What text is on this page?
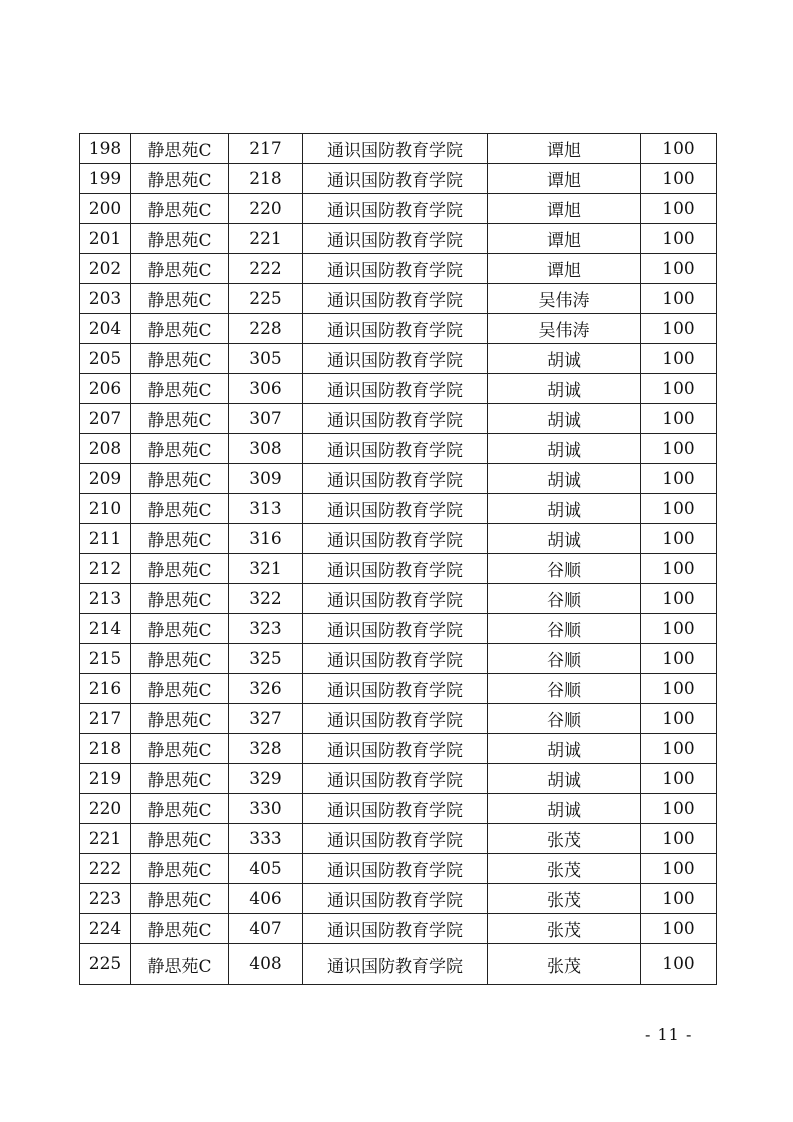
198	静思苑C	217	通识国防教育学院	谭旭	100
199	静思苑C	218	通识国防教育学院	谭旭	100
200	静思苑C	220	通识国防教育学院	谭旭	100
201	静思苑C	221	通识国防教育学院	谭旭	100
202	静思苑C	222	通识国防教育学院	谭旭	100
203	静思苑C	225	通识国防教育学院	吴伟涛	100
204	静思苑C	228	通识国防教育学院	吴伟涛	100
205	静思苑C	305	通识国防教育学院	胡诚	100
206	静思苑C	306	通识国防教育学院	胡诚	100
207	静思苑C	307	通识国防教育学院	胡诚	100
208	静思苑C	308	通识国防教育学院	胡诚	100
209	静思苑C	309	通识国防教育学院	胡诚	100
210	静思苑C	313	通识国防教育学院	胡诚	100
211	静思苑C	316	通识国防教育学院	胡诚	100
212	静思苑C	321	通识国防教育学院	谷顺	100
213	静思苑C	322	通识国防教育学院	谷顺	100
214	静思苑C	323	通识国防教育学院	谷顺	100
215	静思苑C	325	通识国防教育学院	谷顺	100
216	静思苑C	326	通识国防教育学院	谷顺	100
217	静思苑C	327	通识国防教育学院	谷顺	100
218	静思苑C	328	通识国防教育学院	胡诚	100
219	静思苑C	329	通识国防教育学院	胡诚	100
220	静思苑C	330	通识国防教育学院	胡诚	100
221	静思苑C	333	通识国防教育学院	张茂	100
222	静思苑C	405	通识国防教育学院	张茂	100
223	静思苑C	406	通识国防教育学院	张茂	100
224	静思苑C	407	通识国防教育学院	张茂	100
225	静思苑C	408	通识国防教育学院	张茂	100
- 11 -
